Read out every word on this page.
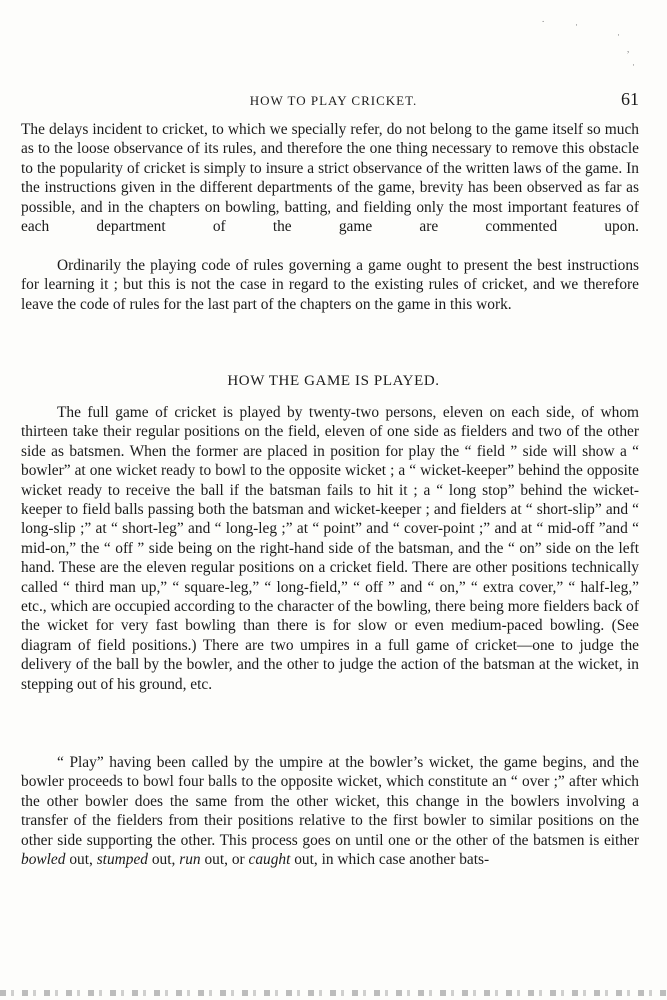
HOW TO PLAY CRICKET.	61

The delays incident to cricket, to which we specially refer, do not belong to the game itself so much as to the loose observance of its rules, and therefore the one thing necessary to remove this obstacle to the popularity of cricket is simply to insure a strict observance of the written laws of the game. In the instructions given in the different departments of the game, brevity has been observed as far as possible, and in the chapters on bowling, batting, and fielding only the most important features of each department of the game are commented upon.

Ordinarily the playing code of rules governing a game ought to present the best instructions for learning it ; but this is not the case in regard to the existing rules of cricket, and we therefore leave the code of rules for the last part of the chapters on the game in this work.

HOW THE GAME IS PLAYED.

The full game of cricket is played by twenty-two persons, eleven on each side, of whom thirteen take their regular positions on the field, eleven of one side as fielders and two of the other side as batsmen. When the former are placed in position for play the “ field ” side will show a “ bowler” at one wicket ready to bowl to the opposite wicket ; a “ wicket-keeper” behind the opposite wicket ready to receive the ball if the batsman fails to hit it ; a “ long stop” behind the wicket-keeper to field balls passing both the batsman and wicket-keeper ; and fielders at “ short-slip” and “ long-slip ;” at “ short-leg” and “ long-leg ;” at “ point” and “ cover-point ;” and at “ mid-off ”and “ mid-on,” the “ off ” side being on the right-hand side of the batsman, and the “ on” side on the left hand. These are the eleven regular positions on a cricket field. There are other positions technically called “ third man up,” “ square-leg,” “ long-field,” “ off ” and “ on,” “ extra cover,” “ half-leg,” etc., which are occupied according to the character of the bowling, there being more fielders back of the wicket for very fast bowling than there is for slow or even medium-paced bowling. (See diagram of field positions.) There are two umpires in a full game of cricket—one to judge the delivery of the ball by the bowler, and the other to judge the action of the batsman at the wicket, in stepping out of his ground, etc.

“ Play” having been called by the umpire at the bowler’s wicket, the game begins, and the bowler proceeds to bowl four balls to the opposite wicket, which constitute an “ over ;” after which the other bowler does the same from the other wicket, this change in the bowlers involving a transfer of the fielders from their positions relative to the first bowler to similar positions on the other side supporting the other. This process goes on until one or the other of the batsmen is either bowled out, stumped out, run out, or caught out, in which case another bats-

.
·
·
,
·
